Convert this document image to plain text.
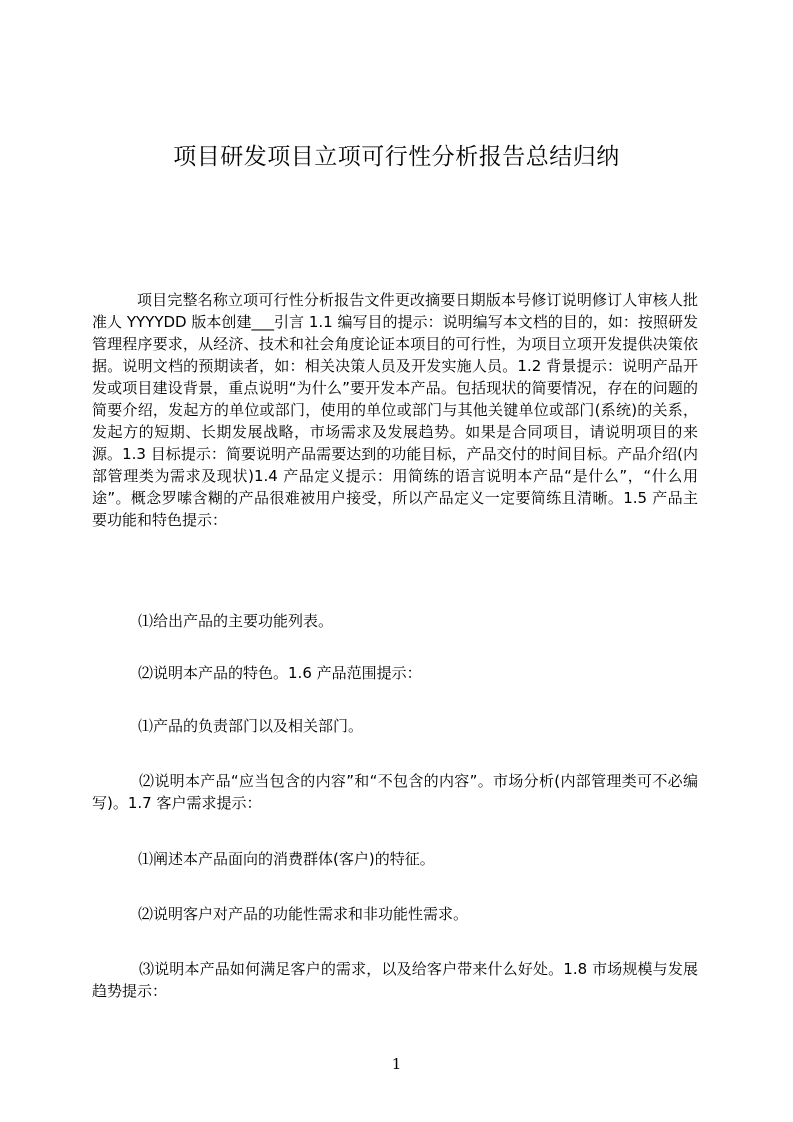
项目研发项目立项可行性分析报告总结归纳

项目完整名称立项可行性分析报告文件更改摘要日期版本号修订说明修订人审核人批准人 YYYYDD 版本创建___引言 1.1 编写目的提示：说明编写本文档的目的，如：按照研发管理程序要求，从经济、技术和社会角度论证本项目的可行性，为项目立项开发提供决策依据。说明文档的预期读者，如：相关决策人员及开发实施人员。1.2 背景提示：说明产品开发或项目建设背景，重点说明“为什么”要开发本产品。包括现状的简要情况，存在的问题的简要介绍，发起方的单位或部门，使用的单位或部门与其他关键单位或部门(系统)的关系，发起方的短期、长期发展战略，市场需求及发展趋势。如果是合同项目，请说明项目的来源。1.3 目标提示：简要说明产品需要达到的功能目标，产品交付的时间目标。产品介绍(内部管理类为需求及现状)1.4 产品定义提示：用简练的语言说明本产品“是什么”，“什么用途”。概念罗嗦含糊的产品很难被用户接受，所以产品定义一定要简练且清晰。1.5 产品主要功能和特色提示：

⑴给出产品的主要功能列表。

⑵说明本产品的特色。1.6 产品范围提示：

⑴产品的负责部门以及相关部门。

⑵说明本产品“应当包含的内容”和“不包含的内容”。市场分析(内部管理类可不必编写)。1.7 客户需求提示：

⑴阐述本产品面向的消费群体(客户)的特征。

⑵说明客户对产品的功能性需求和非功能性需求。

⑶说明本产品如何满足客户的需求，以及给客户带来什么好处。1.8 市场规模与发展趋势提示：

1
